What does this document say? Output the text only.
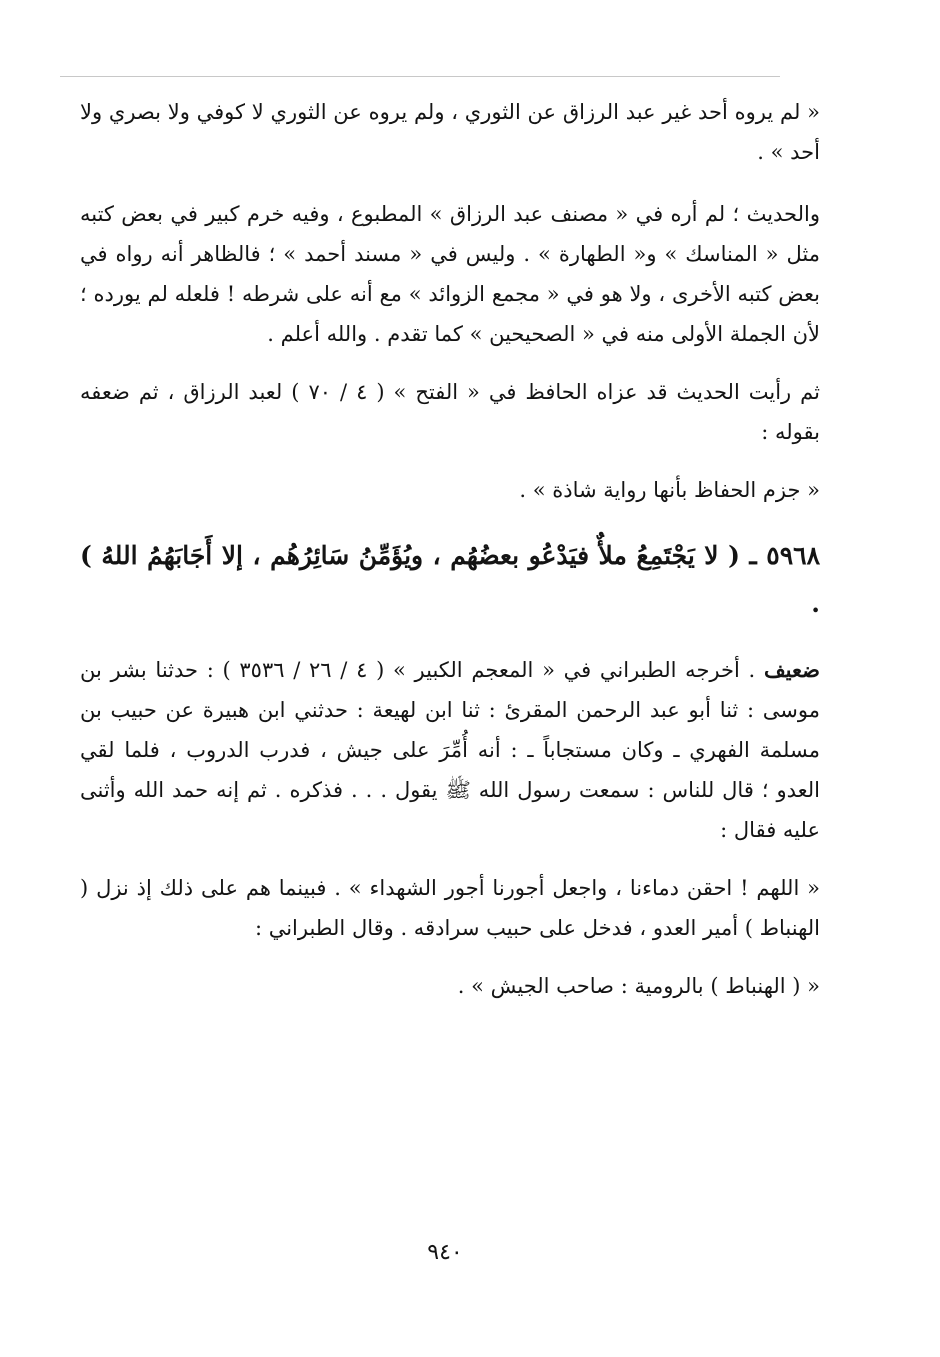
« لم يروه أحد غير عبد الرزاق عن الثوري ، ولم يروه عن الثوري لا كوفي ولا بصري ولا أحد » .

والحديث ؛ لم أره في « مصنف عبد الرزاق » المطبوع ، وفيه خرم كبير في بعض كتبه مثل « المناسك » و« الطهارة » . وليس في « مسند أحمد » ؛ فالظاهر أنه رواه في بعض كتبه الأخرى ، ولا هو في « مجمع الزوائد » مع أنه على شرطه ! فلعله لم يورده ؛ لأن الجملة الأولى منه في « الصحيحين » كما تقدم . والله أعلم .

ثم رأيت الحديث قد عزاه الحافظ في « الفتح » ( ٤ / ٧٠ ) لعبد الرزاق ، ثم ضعفه بقوله :

« جزم الحفاظ بأنها رواية شاذة » .

٥٩٦٨ ـ ( لا يَجْتَمِعُ ملأٌ فيَدْعُو بعضُهُم ، ويُؤَمِّنُ سَائِرُهُم ، إلا أَجَابَهُمُ اللهُ ) .

ضعيف . أخرجه الطبراني في « المعجم الكبير » ( ٤ / ٢٦ / ٣٥٣٦ ) : حدثنا بشر بن موسى : ثنا أبو عبد الرحمن المقرئ : ثنا ابن لهيعة : حدثني ابن هبيرة عن حبيب بن مسلمة الفهري ـ وكان مستجاباً ـ : أنه أُمِّرَ على جيش ، فدرب الدروب ، فلما لقي العدو ؛ قال للناس : سمعت رسول الله ﷺ يقول . . . فذكره . ثم إنه حمد الله وأثنى عليه فقال :

« اللهم ! احقن دماءنا ، واجعل أجورنا أجور الشهداء » . فبينما هم على ذلك إذ نزل ( الهنباط ) أمير العدو ، فدخل على حبيب سرادقه . وقال الطبراني :

« ( الهنباط ) بالرومية : صاحب الجيش » .

٩٤٠
